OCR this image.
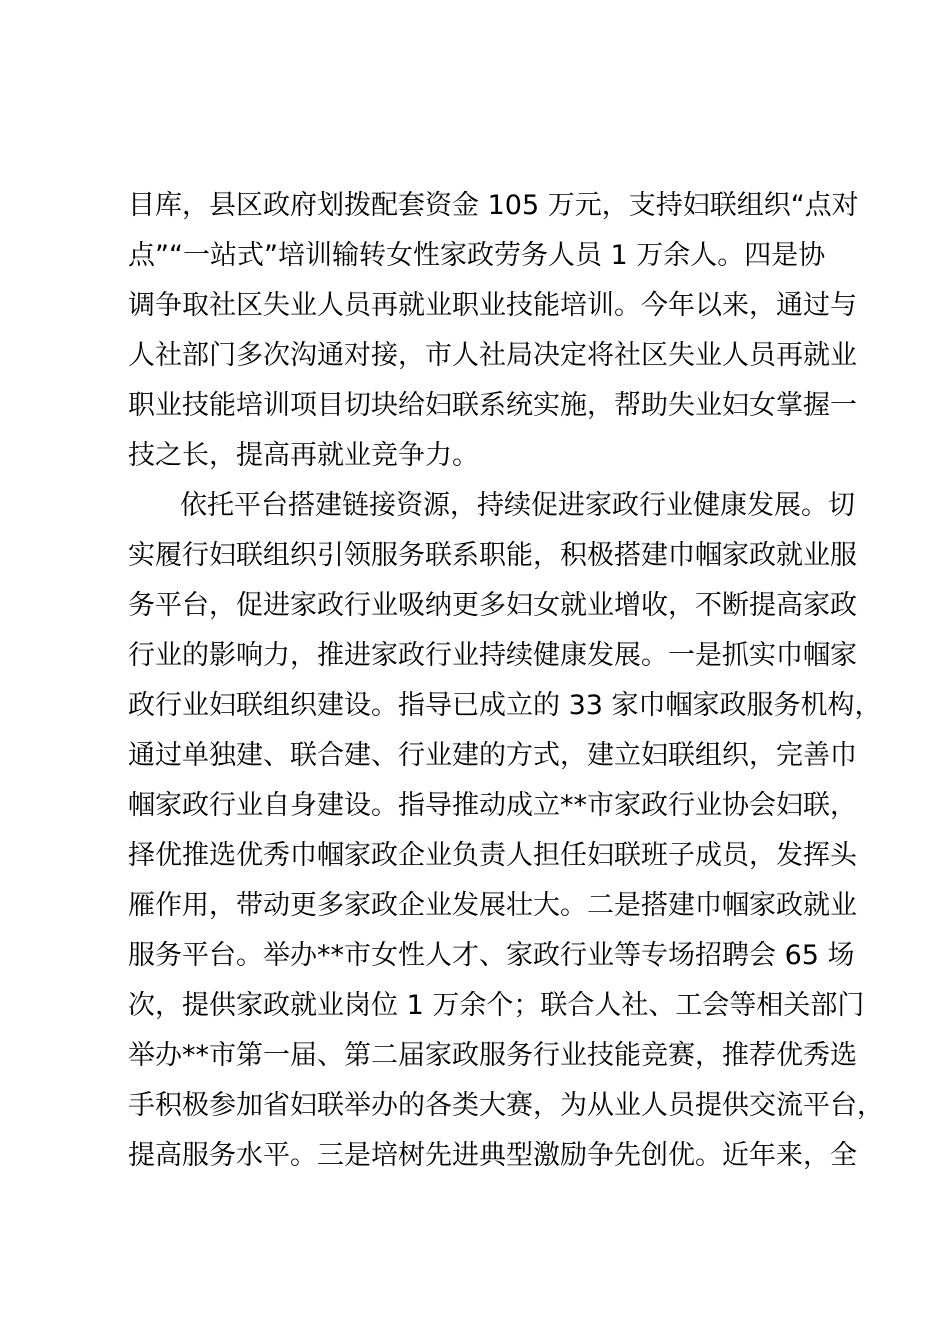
目库，县区政府划拨配套资金 105 万元，支持妇联组织“点对
点”“一站式”培训输转女性家政劳务人员 1 万余人。四是协
调争取社区失业人员再就业职业技能培训。今年以来，通过与
人社部门多次沟通对接，市人社局决定将社区失业人员再就业
职业技能培训项目切块给妇联系统实施，帮助失业妇女掌握一
技之长，提高再就业竞争力。
依托平台搭建链接资源，持续促进家政行业健康发展。切
实履行妇联组织引领服务联系职能，积极搭建巾帼家政就业服
务平台，促进家政行业吸纳更多妇女就业增收，不断提高家政
行业的影响力，推进家政行业持续健康发展。一是抓实巾帼家
政行业妇联组织建设。指导已成立的 33 家巾帼家政服务机构，
通过单独建、联合建、行业建的方式，建立妇联组织，完善巾
帼家政行业自身建设。指导推动成立**市家政行业协会妇联，
择优推选优秀巾帼家政企业负责人担任妇联班子成员，发挥头
雁作用，带动更多家政企业发展壮大。二是搭建巾帼家政就业
服务平台。举办**市女性人才、家政行业等专场招聘会 65 场
次，提供家政就业岗位 1 万余个；联合人社、工会等相关部门
举办**市第一届、第二届家政服务行业技能竞赛，推荐优秀选
手积极参加省妇联举办的各类大赛，为从业人员提供交流平台，
提高服务水平。三是培树先进典型激励争先创优。近年来，全
